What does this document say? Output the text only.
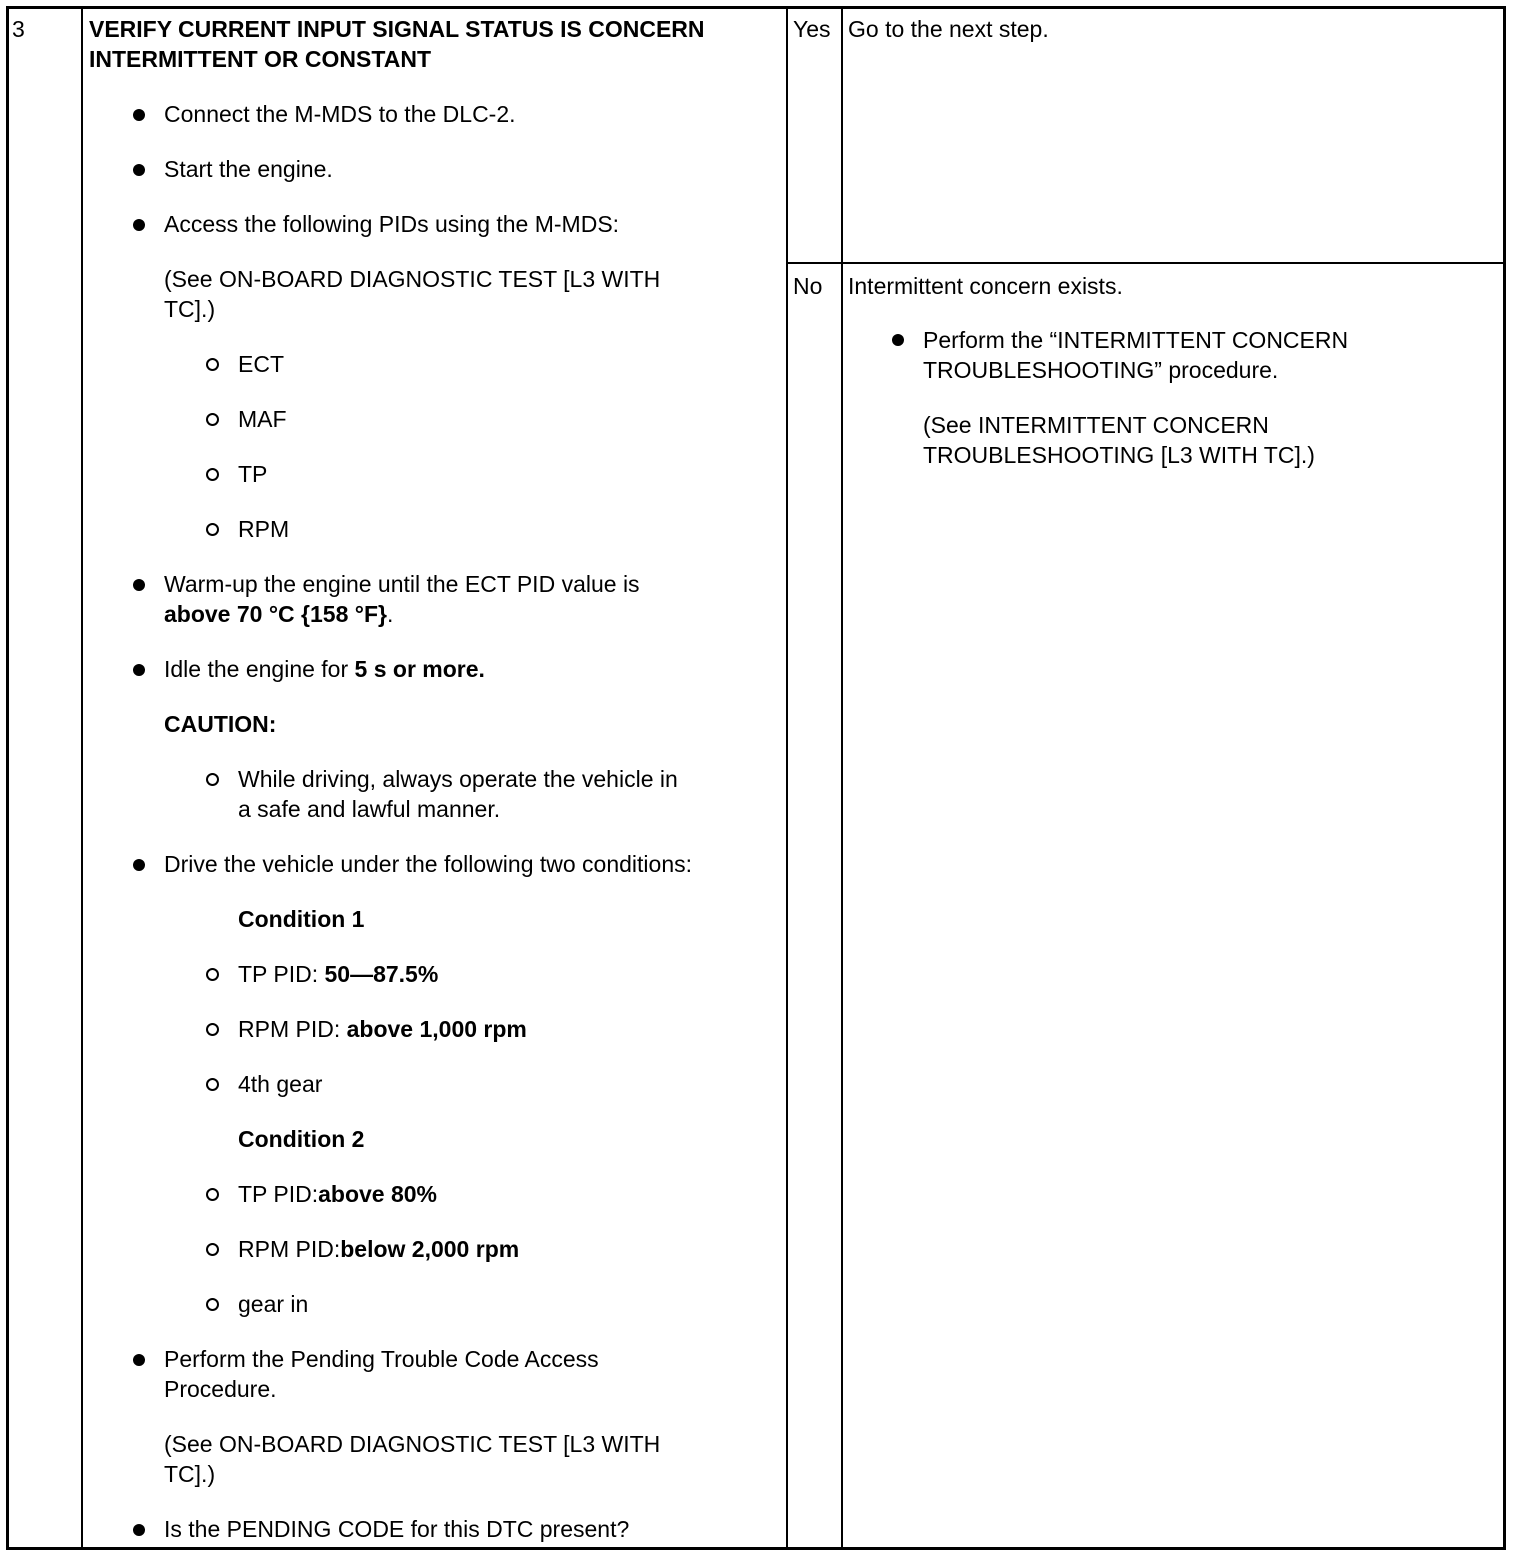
3	VERIFY CURRENT INPUT SIGNAL STATUS IS CONCERN
INTERMITTENT OR CONSTANT
Connect the M-MDS to the DLC-2.
Start the engine.
Access the following PIDs using the M-MDS:
(See ON-BOARD DIAGNOSTIC TEST [L3 WITH
TC].)
ECT
MAF
TP
RPM
Warm-up the engine until the ECT PID value is
above 70 °C {158 °F}.
Idle the engine for 5 s or more.
CAUTION:
While driving, always operate the vehicle in
a safe and lawful manner.
Drive the vehicle under the following two conditions:
Condition 1
TP PID: 50—87.5%
RPM PID: above 1,000 rpm
4th gear
Condition 2
TP PID:above 80%
RPM PID:below 2,000 rpm
gear in
Perform the Pending Trouble Code Access
Procedure.
(See ON-BOARD DIAGNOSTIC TEST [L3 WITH
TC].)
Is the PENDING CODE for this DTC present?
Yes Go to the next step.
No Intermittent concern exists.
Perform the “INTERMITTENT CONCERN
TROUBLESHOOTING” procedure.
(See INTERMITTENT CONCERN
TROUBLESHOOTING [L3 WITH TC].)
